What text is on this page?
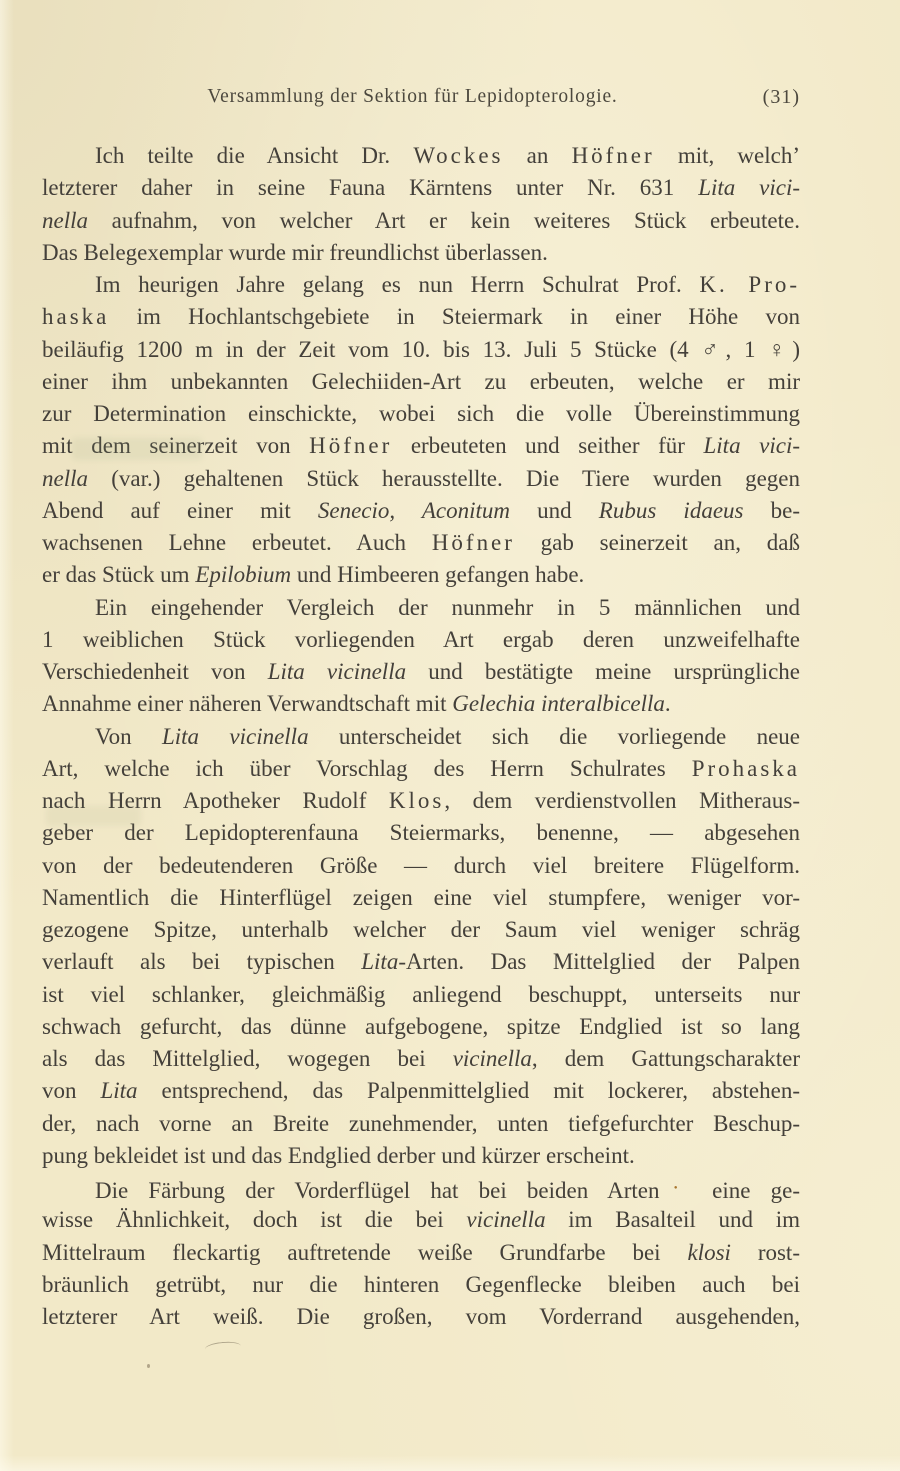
Versammlung der Sektion für Lepidopterologie.	(31)
Ich teilte die Ansicht Dr. Wockes an Höfner mit, welch’
letzterer daher in seine Fauna Kärntens unter Nr. 631 Lita vici-
nella aufnahm, von welcher Art er kein weiteres Stück erbeutete.
Das Belegexemplar wurde mir freundlichst überlassen.
Im heurigen Jahre gelang es nun Herrn Schulrat Prof. K. Pro-
haska im Hochlantschgebiete in Steiermark in einer Höhe von
beiläufig 1200 m in der Zeit vom 10. bis 13. Juli 5 Stücke (4 ♂, 1 ♀)
einer ihm unbekannten Gelechiiden-Art zu erbeuten, welche er mir
zur Determination einschickte, wobei sich die volle Übereinstimmung
mit dem seinerzeit von Höfner erbeuteten und seither für Lita vici-
nella (var.) gehaltenen Stück herausstellte. Die Tiere wurden gegen
Abend auf einer mit Senecio, Aconitum und Rubus idaeus be-
wachsenen Lehne erbeutet. Auch Höfner gab seinerzeit an, daß
er das Stück um Epilobium und Himbeeren gefangen habe.
Ein eingehender Vergleich der nunmehr in 5 männlichen und
1 weiblichen Stück vorliegenden Art ergab deren unzweifelhafte
Verschiedenheit von Lita vicinella und bestätigte meine ursprüngliche
Annahme einer näheren Verwandtschaft mit Gelechia interalbicella.
Von Lita vicinella unterscheidet sich die vorliegende neue
Art, welche ich über Vorschlag des Herrn Schulrates Prohaska
nach Herrn Apotheker Rudolf Klos, dem verdienstvollen Mitheraus-
geber der Lepidopterenfauna Steiermarks, benenne, — abgesehen
von der bedeutenderen Größe — durch viel breitere Flügelform.
Namentlich die Hinterflügel zeigen eine viel stumpfere, weniger vor-
gezogene Spitze, unterhalb welcher der Saum viel weniger schräg
verlauft als bei typischen Lita-Arten. Das Mittelglied der Palpen
ist viel schlanker, gleichmäßig anliegend beschuppt, unterseits nur
schwach gefurcht, das dünne aufgebogene, spitze Endglied ist so lang
als das Mittelglied, wogegen bei vicinella, dem Gattungscharakter
von Lita entsprechend, das Palpenmittelglied mit lockerer, abstehen-
der, nach vorne an Breite zunehmender, unten tiefgefurchter Beschup-
pung bekleidet ist und das Endglied derber und kürzer erscheint.
Die Färbung der Vorderflügel hat bei beiden Arten● eine ge-
wisse Ähnlichkeit, doch ist die bei vicinella im Basalteil und im
Mittelraum fleckartig auftretende weiße Grundfarbe bei klosi rost-
bräunlich getrübt, nur die hinteren Gegenflecke bleiben auch bei
letzterer Art weiß. Die großen, vom Vorderrand ausgehenden,
